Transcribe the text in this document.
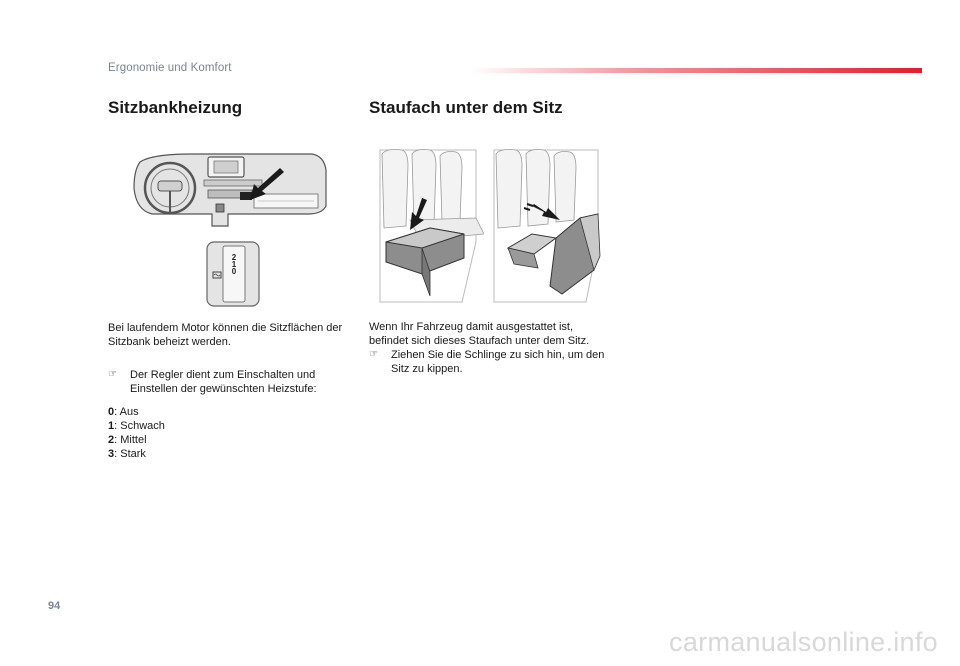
Ergonomie und Komfort
Sitzbankheizung	Staufach unter dem Sitz
2
1
0
Bei laufendem Motor können die Sitzflächen der Sitzbank beheizt werden.
☞	Der Regler dient zum Einschalten und Einstellen der gewünschten Heizstufe:
0: Aus
1: Schwach
2: Mittel
3: Stark
Wenn Ihr Fahrzeug damit ausgestattet ist, befindet sich dieses Staufach unter dem Sitz.
☞	Ziehen Sie die Schlinge zu sich hin, um den Sitz zu kippen.
94
carmanualsonline.info
